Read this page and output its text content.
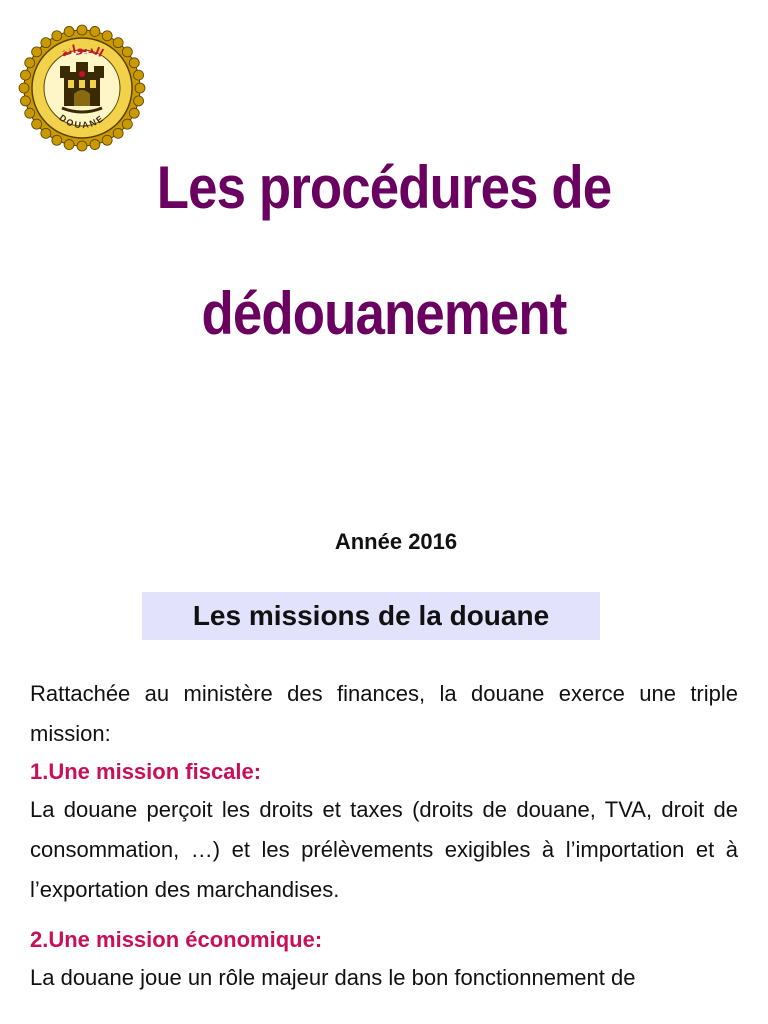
الديوانة
DOUANE
Les procédures de
dédouanement
Année 2016
Les missions de la douane

Rattachée au ministère des finances, la douane exerce une triple mission:

1.Une mission fiscale:

La douane perçoit les droits et taxes (droits de douane, TVA, droit de consommation, …) et les prélèvements exigibles à l’importation et à l’exportation des marchandises.

2.Une mission économique:

La douane joue un rôle majeur dans le bon fonctionnement de
